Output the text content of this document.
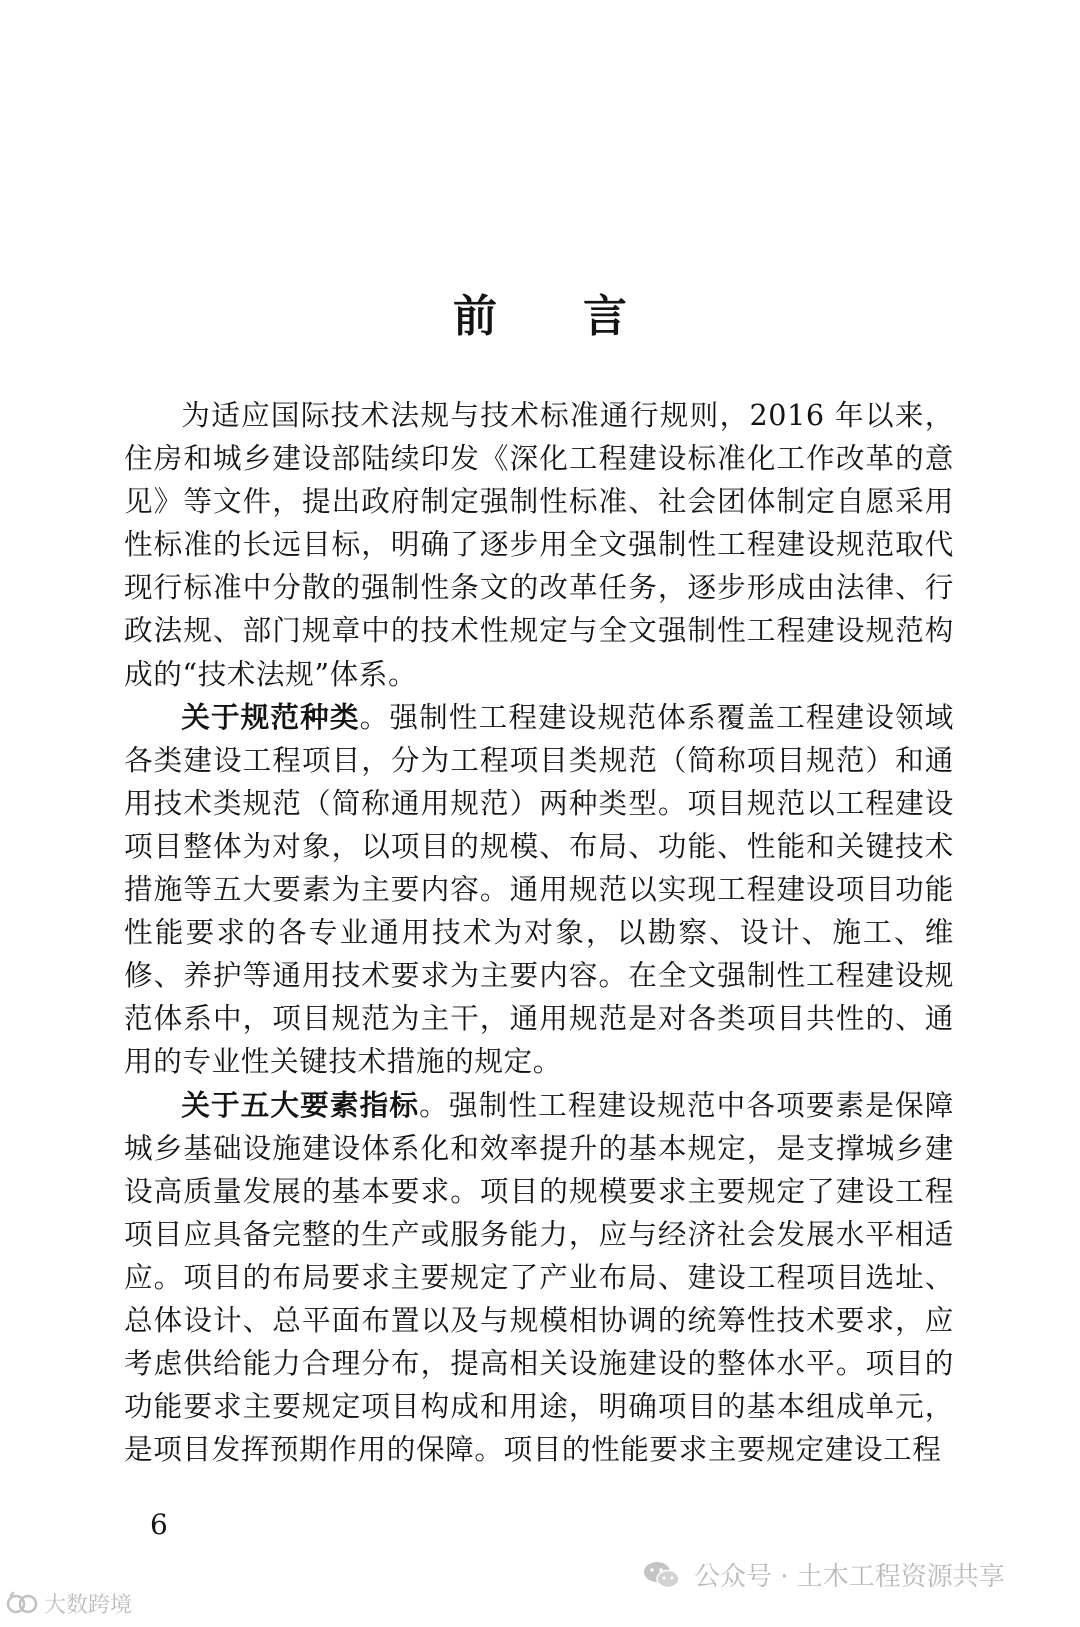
前 言

为适应国际技术法规与技术标准通行规则，2016 年以来，住房和城乡建设部陆续印发《深化工程建设标准化工作改革的意见》等文件，提出政府制定强制性标准、社会团体制定自愿采用性标准的长远目标，明确了逐步用全文强制性工程建设规范取代现行标准中分散的强制性条文的改革任务，逐步形成由法律、行政法规、部门规章中的技术性规定与全文强制性工程建设规范构成的“技术法规”体系。

关于规范种类。强制性工程建设规范体系覆盖工程建设领域各类建设工程项目，分为工程项目类规范（简称项目规范）和通用技术类规范（简称通用规范）两种类型。项目规范以工程建设项目整体为对象，以项目的规模、布局、功能、性能和关键技术措施等五大要素为主要内容。通用规范以实现工程建设项目功能性能要求的各专业通用技术为对象，以勘察、设计、施工、维修、养护等通用技术要求为主要内容。在全文强制性工程建设规范体系中，项目规范为主干，通用规范是对各类项目共性的、通用的专业性关键技术措施的规定。

关于五大要素指标。强制性工程建设规范中各项要素是保障城乡基础设施建设体系化和效率提升的基本规定，是支撑城乡建设高质量发展的基本要求。项目的规模要求主要规定了建设工程项目应具备完整的生产或服务能力，应与经济社会发展水平相适应。项目的布局要求主要规定了产业布局、建设工程项目选址、总体设计、总平面布置以及与规模相协调的统筹性技术要求，应考虑供给能力合理分布，提高相关设施建设的整体水平。项目的功能要求主要规定项目构成和用途，明确项目的基本组成单元，是项目发挥预期作用的保障。项目的性能要求主要规定建设工程

6
公众号 · 土木工程资源共享
大数跨境
